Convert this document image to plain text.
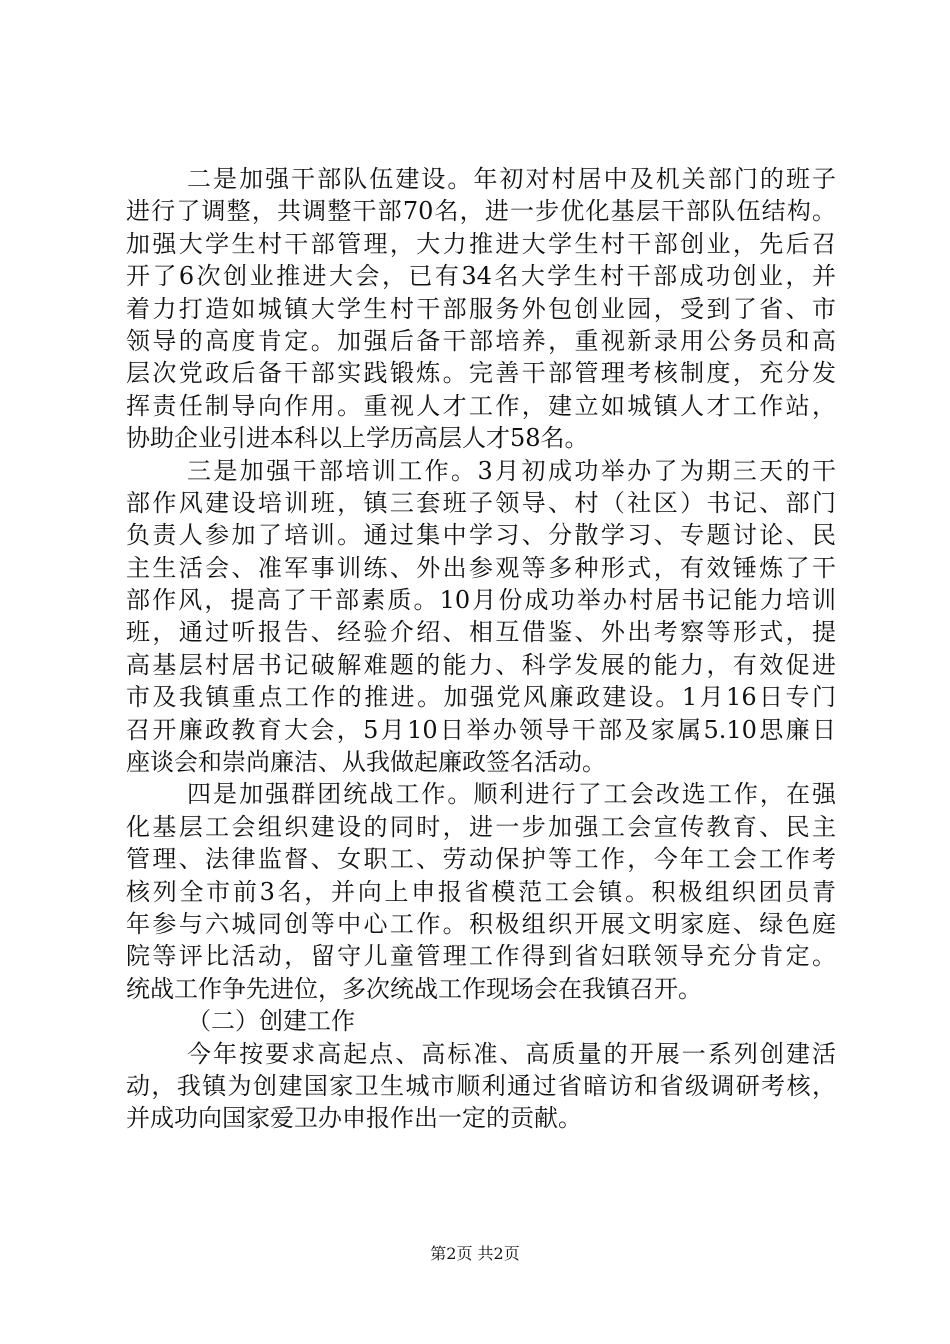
二是加强干部队伍建设。年初对村居中及机关部门的班子
进行了调整，共调整干部70名，进一步优化基层干部队伍结构。
加强大学生村干部管理，大力推进大学生村干部创业，先后召
开了6次创业推进大会，已有34名大学生村干部成功创业，并
着力打造如城镇大学生村干部服务外包创业园，受到了省、市
领导的高度肯定。加强后备干部培养，重视新录用公务员和高
层次党政后备干部实践锻炼。完善干部管理考核制度，充分发
挥责任制导向作用。重视人才工作，建立如城镇人才工作站，
协助企业引进本科以上学历高层人才58名。
三是加强干部培训工作。3月初成功举办了为期三天的干
部作风建设培训班，镇三套班子领导、村（社区）书记、部门
负责人参加了培训。通过集中学习、分散学习、专题讨论、民
主生活会、准军事训练、外出参观等多种形式，有效锤炼了干
部作风，提高了干部素质。10月份成功举办村居书记能力培训
班，通过听报告、经验介绍、相互借鉴、外出考察等形式，提
高基层村居书记破解难题的能力、科学发展的能力，有效促进
市及我镇重点工作的推进。加强党风廉政建设。1月16日专门
召开廉政教育大会，5月10日举办领导干部及家属5.10思廉日
座谈会和崇尚廉洁、从我做起廉政签名活动。
四是加强群团统战工作。顺利进行了工会改选工作，在强
化基层工会组织建设的同时，进一步加强工会宣传教育、民主
管理、法律监督、女职工、劳动保护等工作，今年工会工作考
核列全市前3名，并向上申报省模范工会镇。积极组织团员青
年参与六城同创等中心工作。积极组织开展文明家庭、绿色庭
院等评比活动，留守儿童管理工作得到省妇联领导充分肯定。
统战工作争先进位，多次统战工作现场会在我镇召开。
（二）创建工作
今年按要求高起点、高标准、高质量的开展一系列创建活
动，我镇为创建国家卫生城市顺利通过省暗访和省级调研考核，
并成功向国家爱卫办申报作出一定的贡献。
第2页 共2页
